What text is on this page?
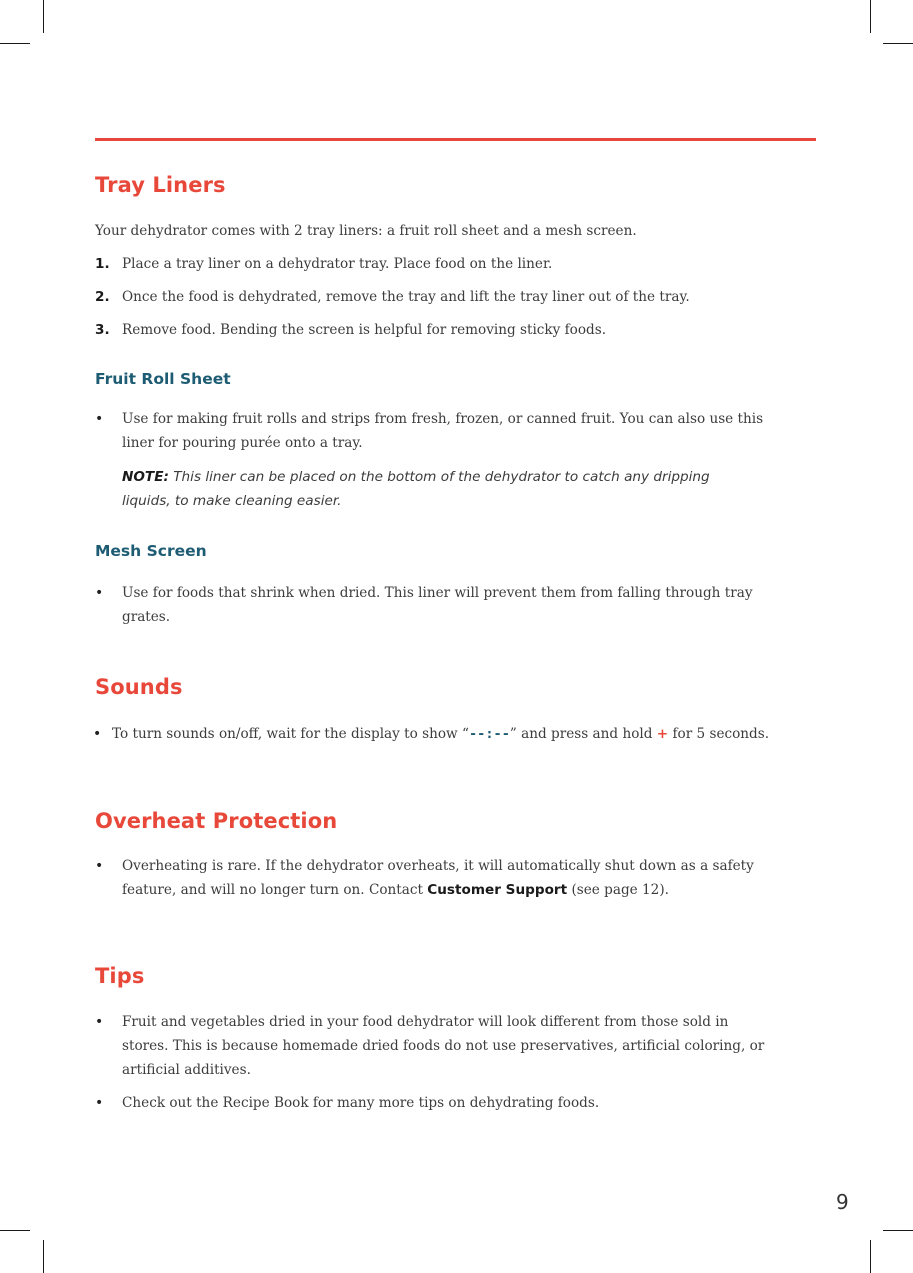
Tray Liners

Your dehydrator comes with 2 tray liners: a fruit roll sheet and a mesh screen.

1. Place a tray liner on a dehydrator tray. Place food on the liner.

2. Once the food is dehydrated, remove the tray and lift the tray liner out of the tray.

3. Remove food. Bending the screen is helpful for removing sticky foods.

Fruit Roll Sheet
• Use for making fruit rolls and strips from fresh, frozen, or canned fruit. You can also use this

liner for pouring purée onto a tray.

NOTE: This liner can be placed on the bottom of the dehydrator to catch any dripping

liquids, to make cleaning easier.

Mesh Screen
• Use for foods that shrink when dried. This liner will prevent them from falling through tray

grates.

Sounds
• To turn sounds on/off, wait for the display to show “--:--” and press and hold + for 5 seconds.

Overheat Protection
• Overheating is rare. If the dehydrator overheats, it will automatically shut down as a safety

feature, and will no longer turn on. Contact Customer Support (see page 12).

Tips
• Fruit and vegetables dried in your food dehydrator will look different from those sold in

stores. This is because homemade dried foods do not use preservatives, artificial coloring, or

artificial additives.

• Check out the Recipe Book for many more tips on dehydrating foods.

9
